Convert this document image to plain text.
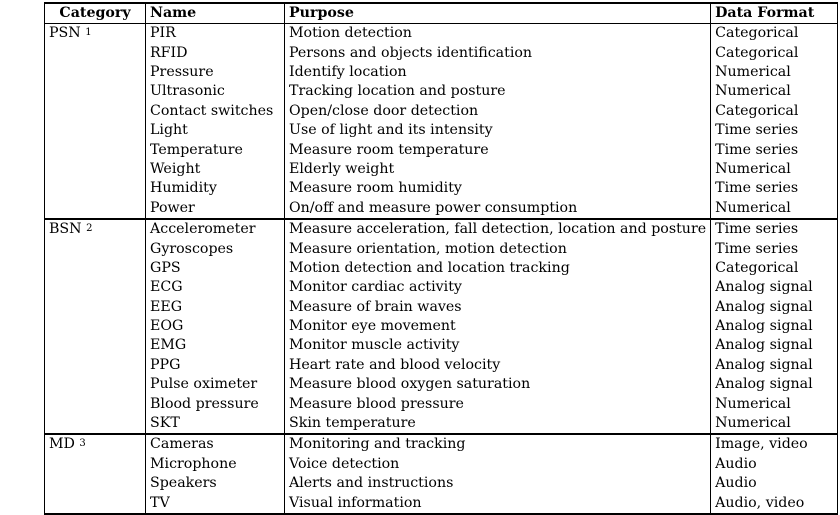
Category	Name	Purpose	Data Format
PSN $^1$	PIR	Motion detection	Categorical
	RFID	Persons and objects identification	Categorical
	Pressure	Identify location	Numerical
	Ultrasonic	Tracking location and posture	Numerical
	Contact switches	Open/close door detection	Categorical
	Light	Use of light and its intensity	Time series
	Temperature	Measure room temperature	Time series
	Weight	Elderly weight	Numerical
	Humidity	Measure room humidity	Time series
	Power	On/off and measure power consumption	Numerical
BSN $^2$	Accelerometer	Measure acceleration, fall detection, location and posture	Time series
	Gyroscopes	Measure orientation, motion detection	Time series
	GPS	Motion detection and location tracking	Categorical
	ECG	Monitor cardiac activity	Analog signal
	EEG	Measure of brain waves	Analog signal
	EOG	Monitor eye movement	Analog signal
	EMG	Monitor muscle activity	Analog signal
	PPG	Heart rate and blood velocity	Analog signal
	Pulse oximeter	Measure blood oxygen saturation	Analog signal
	Blood pressure	Measure blood pressure	Numerical
	SKT	Skin temperature	Numerical
MD $^3$	Cameras	Monitoring and tracking	Image, video
	Microphone	Voice detection	Audio
	Speakers	Alerts and instructions	Audio
	TV	Visual information	Audio, video
